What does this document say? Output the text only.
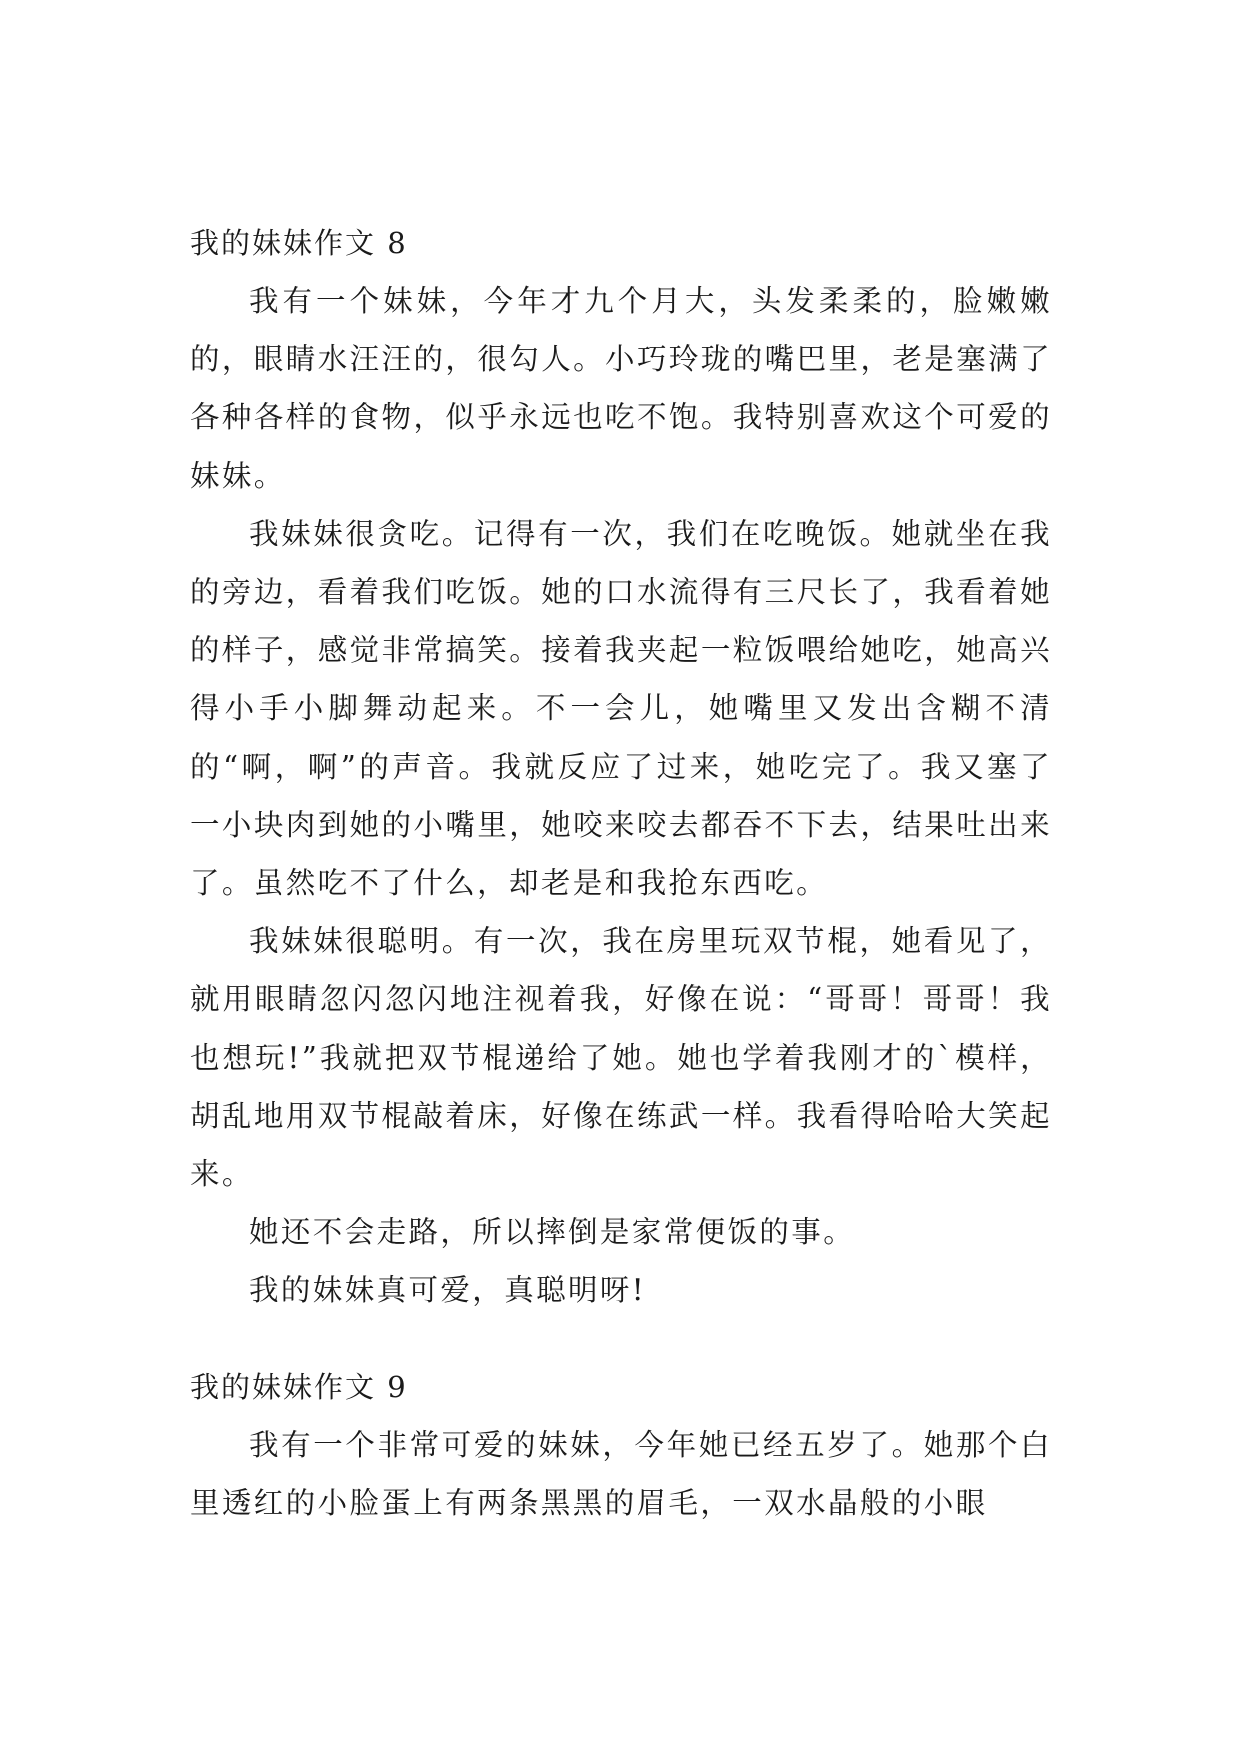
我的妹妹作文 8

我有一个妹妹，今年才九个月大，头发柔柔的，脸嫩嫩的，眼睛水汪汪的，很勾人。小巧玲珑的嘴巴里，老是塞满了各种各样的食物，似乎永远也吃不饱。我特别喜欢这个可爱的妹妹。

我妹妹很贪吃。记得有一次，我们在吃晚饭。她就坐在我的旁边，看着我们吃饭。她的口水流得有三尺长了，我看着她的样子，感觉非常搞笑。接着我夹起一粒饭喂给她吃，她高兴得小手小脚舞动起来。不一会儿，她嘴里又发出含糊不清的“啊，啊”的声音。我就反应了过来，她吃完了。我又塞了一小块肉到她的小嘴里，她咬来咬去都吞不下去，结果吐出来了。虽然吃不了什么，却老是和我抢东西吃。

我妹妹很聪明。有一次，我在房里玩双节棍，她看见了，就用眼睛忽闪忽闪地注视着我，好像在说：“哥哥！哥哥！我也想玩!”我就把双节棍递给了她。她也学着我刚才的`模样，胡乱地用双节棍敲着床，好像在练武一样。我看得哈哈大笑起来。

她还不会走路，所以摔倒是家常便饭的事。

我的妹妹真可爱，真聪明呀!

我的妹妹作文 9

我有一个非常可爱的妹妹，今年她已经五岁了。她那个白里透红的小脸蛋上有两条黑黑的眉毛，一双水晶般的小眼
